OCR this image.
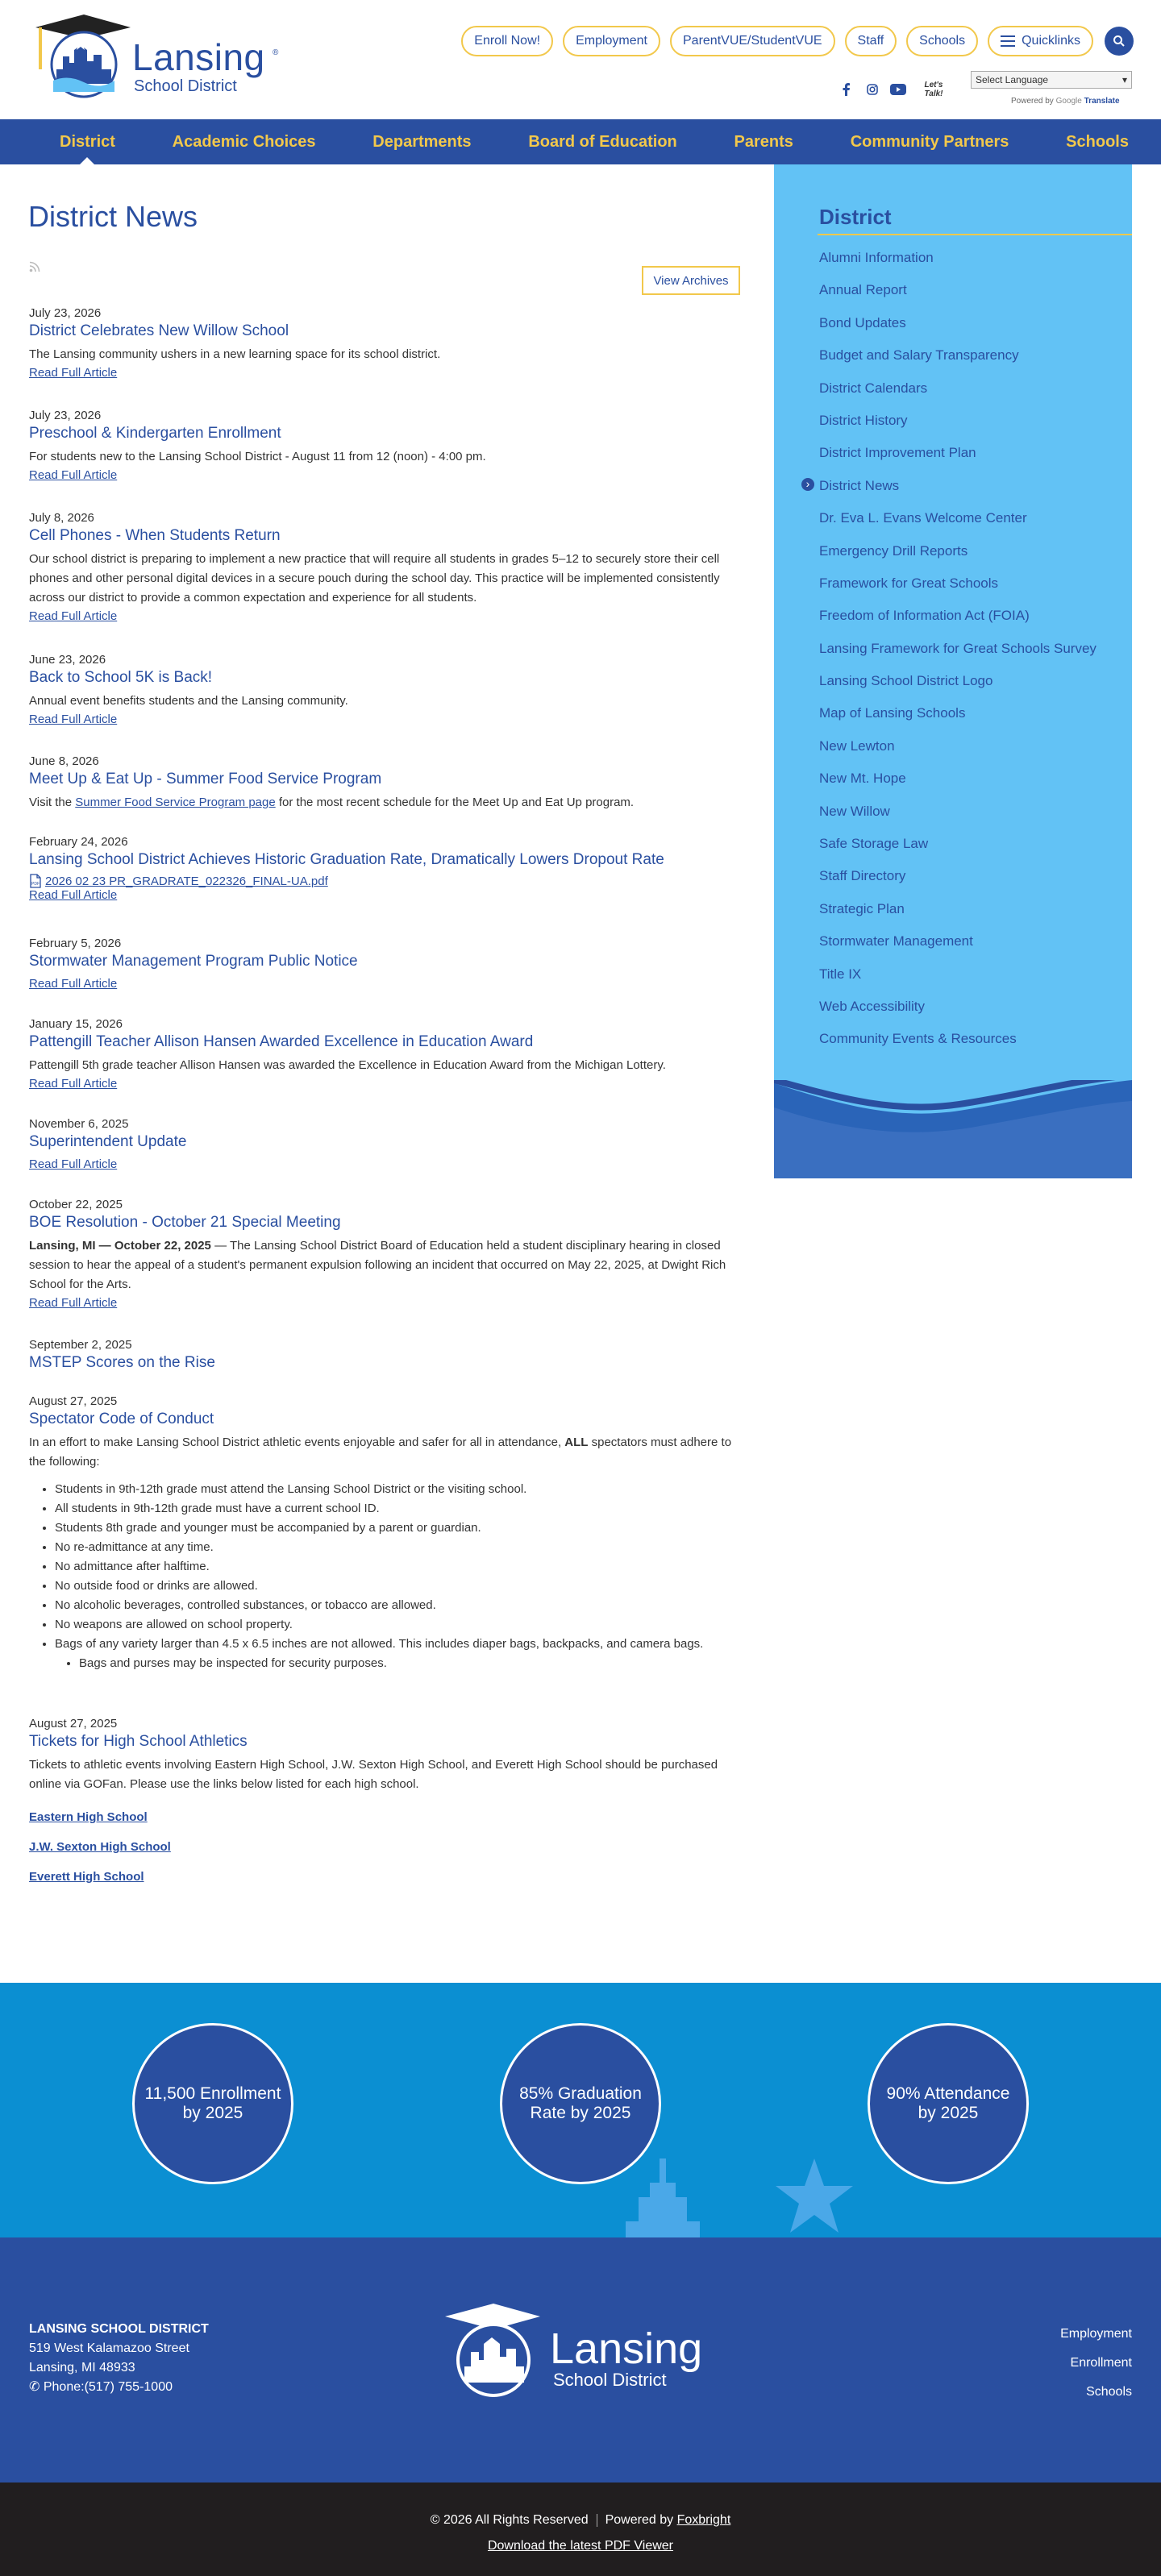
Lansing ®
School District
Enroll Now!	Employment	ParentVUE/StudentVUE	Staff	Schools	Quicklinks
Let's Talk!
Select Language	▾
Powered by Google Translate
District	Academic Choices	Departments	Board of Education	Parents	Community Partners	Schools
District News
View Archives
July 23, 2026
District Celebrates New Willow School
The Lansing community ushers in a new learning space for its school district.
Read Full Article
July 23, 2026
Preschool & Kindergarten Enrollment
For students new to the Lansing School District - August 11 from 12 (noon) - 4:00 pm.
Read Full Article
July 8, 2026
Cell Phones - When Students Return
Our school district is preparing to implement a new practice that will require all students in grades 5–12 to securely store their cell phones and other personal digital devices in a secure pouch during the school day. This practice will be implemented consistently across our district to provide a common expectation and experience for all students.
Read Full Article
June 23, 2026
Back to School 5K is Back!
Annual event benefits students and the Lansing community.
Read Full Article
June 8, 2026
Meet Up & Eat Up - Summer Food Service Program
Visit the Summer Food Service Program page for the most recent schedule for the Meet Up and Eat Up program.
February 24, 2026
Lansing School District Achieves Historic Graduation Rate, Dramatically Lowers Dropout Rate
PDF 2026 02 23 PR_GRADRATE_022326_FINAL-UA.pdf
Read Full Article
February 5, 2026
Stormwater Management Program Public Notice
Read Full Article
January 15, 2026
Pattengill Teacher Allison Hansen Awarded Excellence in Education Award
Pattengill 5th grade teacher Allison Hansen was awarded the Excellence in Education Award from the Michigan Lottery.
Read Full Article
November 6, 2025
Superintendent Update
Read Full Article
October 22, 2025
BOE Resolution - October 21 Special Meeting
Lansing, MI — October 22, 2025 — The Lansing School District Board of Education held a student disciplinary hearing in closed session to hear the appeal of a student's permanent expulsion following an incident that occurred on May 22, 2025, at Dwight Rich School for the Arts.
Read Full Article
September 2, 2025
MSTEP Scores on the Rise
August 27, 2025
Spectator Code of Conduct
In an effort to make Lansing School District athletic events enjoyable and safer for all in attendance, ALL spectators must adhere to the following:
• Students in 9th-12th grade must attend the Lansing School District or the visiting school.
• All students in 9th-12th grade must have a current school ID.
• Students 8th grade and younger must be accompanied by a parent or guardian.
• No re-admittance at any time.
• No admittance after halftime.
• No outside food or drinks are allowed.
• No alcoholic beverages, controlled substances, or tobacco are allowed.
• No weapons are allowed on school property.
• Bags of any variety larger than 4.5 x 6.5 inches are not allowed. This includes diaper bags, backpacks, and camera bags.
• Bags and purses may be inspected for security purposes.
August 27, 2025
Tickets for High School Athletics
Tickets to athletic events involving Eastern High School, J.W. Sexton High School, and Everett High School should be purchased online via GOFan. Please use the links below listed for each high school.
Eastern High School
J.W. Sexton High School
Everett High School
District
Alumni Information
Annual Report
Bond Updates
Budget and Salary Transparency
District Calendars
District History
District Improvement Plan
› District News
Dr. Eva L. Evans Welcome Center
Emergency Drill Reports
Framework for Great Schools
Freedom of Information Act (FOIA)
Lansing Framework for Great Schools Survey
Lansing School District Logo
Map of Lansing Schools
New Lewton
New Mt. Hope
New Willow
Safe Storage Law
Staff Directory
Strategic Plan
Stormwater Management
Title IX
Web Accessibility
Community Events & Resources
11,500 Enrollment by 2025
85% Graduation Rate by 2025
90% Attendance by 2025
LANSING SCHOOL DISTRICT
519 West Kalamazoo Street
Lansing, MI 48933
✆ Phone:(517) 755-1000
Lansing
School District
Employment
Enrollment
Schools
© 2026 All Rights Reserved Powered by Foxbright
Download the latest PDF Viewer
